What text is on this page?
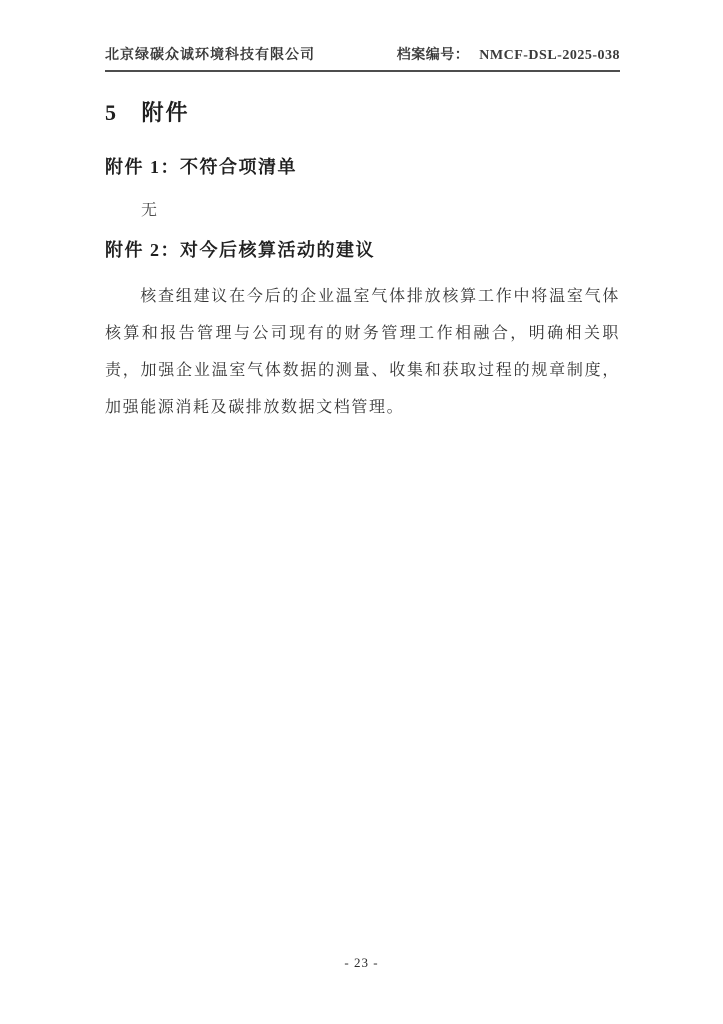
北京绿碳众诚环境科技有限公司	档案编号： NMCF-DSL-2025-038
5 附件
附件 1：不符合项清单
无
附件 2：对今后核算活动的建议

核查组建议在今后的企业温室气体排放核算工作中将温室气体核算和报告管理与公司现有的财务管理工作相融合，明确相关职责，加强企业温室气体数据的测量、收集和获取过程的规章制度，加强能源消耗及碳排放数据文档管理。

- 23 -
